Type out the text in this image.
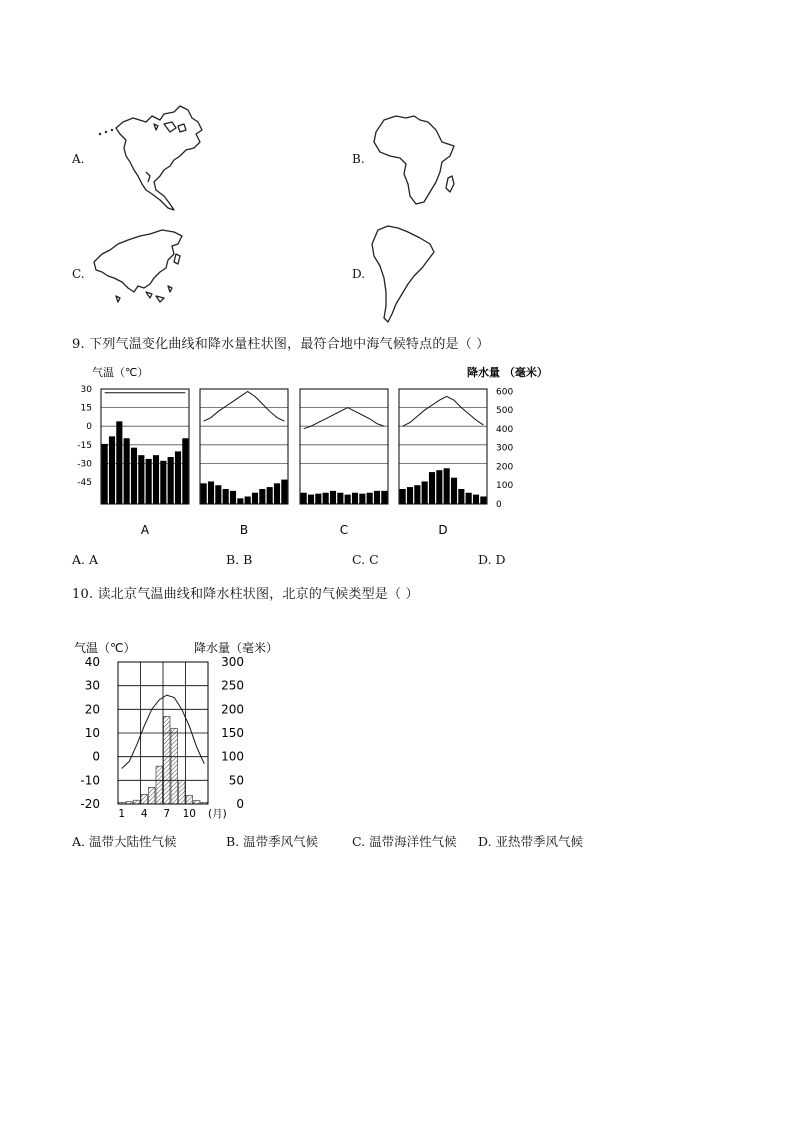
A.	B.
C.	D.
9. 下列气温变化曲线和降水量柱状图，最符合地中海气候特点的是（ ）
气温（℃）	降水量 （毫米）
30
15
0
-15
-30
-45
600
500
400
300
200
100
0
A	B	C	D
A. A	B. B	C. C	D. D
10. 读北京气温曲线和降水柱状图，北京的气候类型是（ ）
气温（℃）	降水量（毫米）
40
30
20
10
0
-10
-20
300
250
200
150
100
50
0
1 4 7 10 (月)
A. 温带大陆性气候	B. 温带季风气候	C. 温带海洋性气候 D. 亚热带季风气候
